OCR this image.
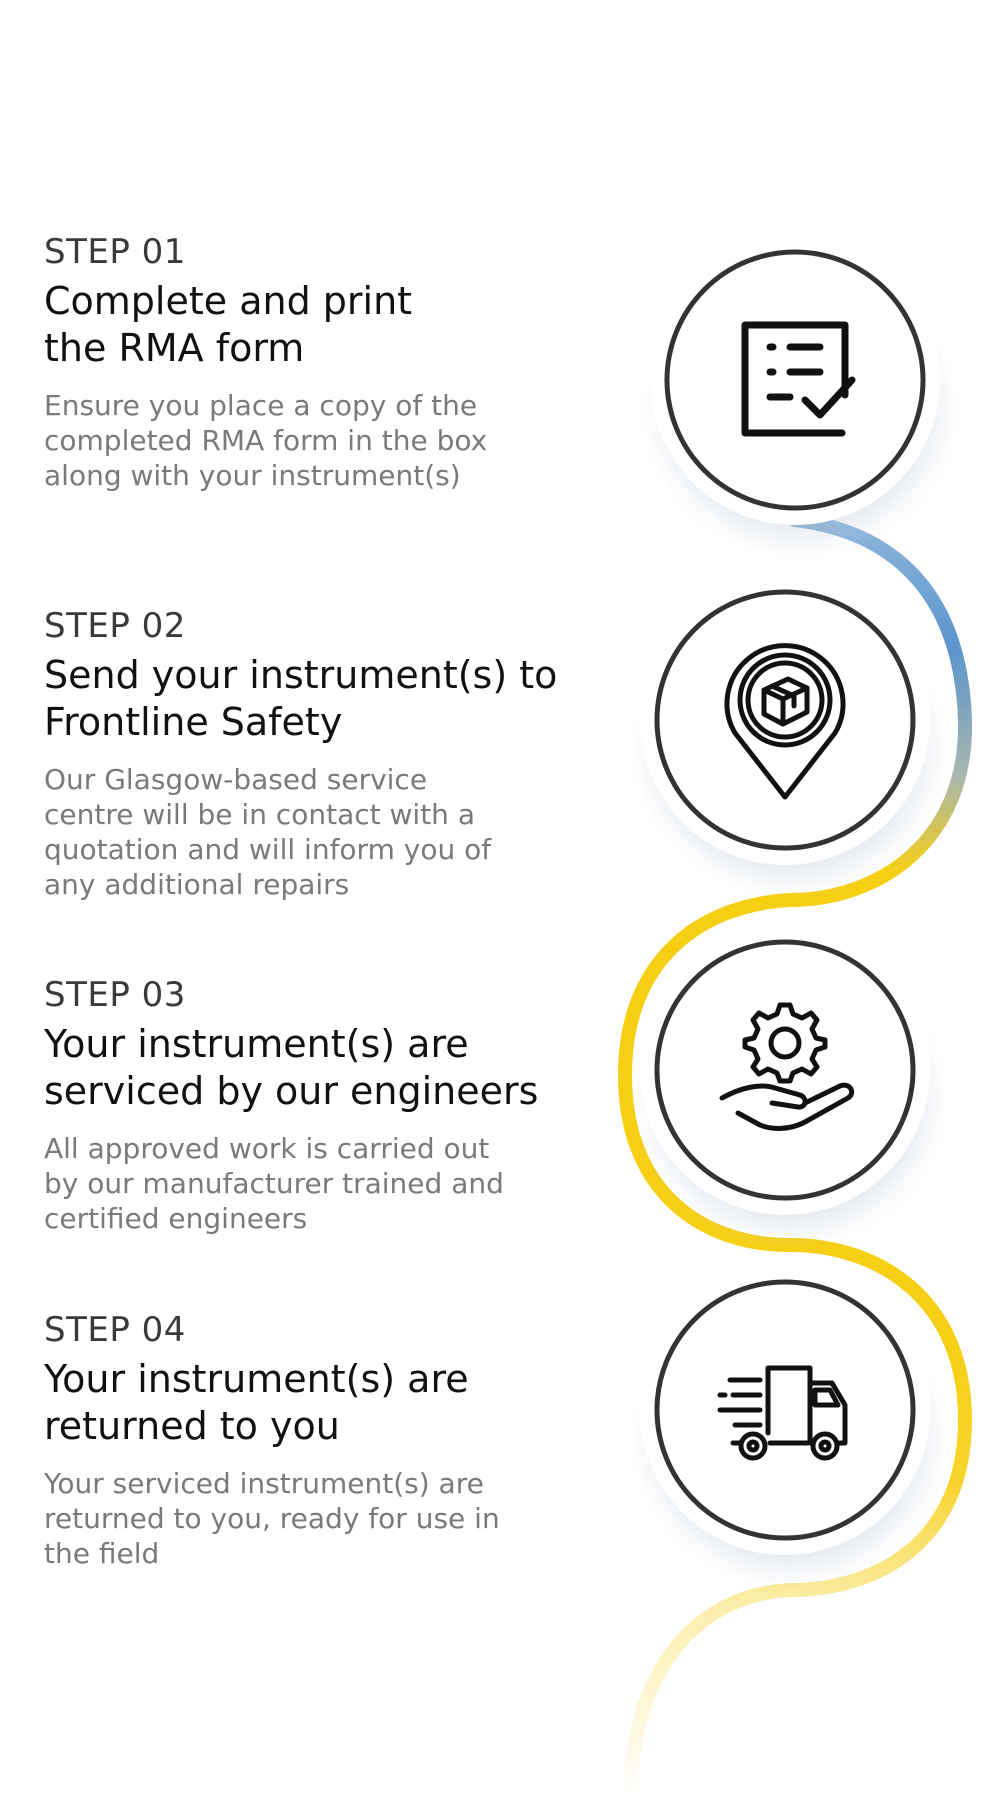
STEP 01

Complete and print
the RMA form

Ensure you place a copy of the
completed RMA form in the box
along with your instrument(s)

STEP 02

Send your instrument(s) to
Frontline Safety

Our Glasgow-based service
centre will be in contact with a
quotation and will inform you of
any additional repairs

STEP 03

Your instrument(s) are
serviced by our engineers

All approved work is carried out
by our manufacturer trained and
certified engineers

STEP 04

Your instrument(s) are
returned to you

Your serviced instrument(s) are
returned to you, ready for use in
the field
